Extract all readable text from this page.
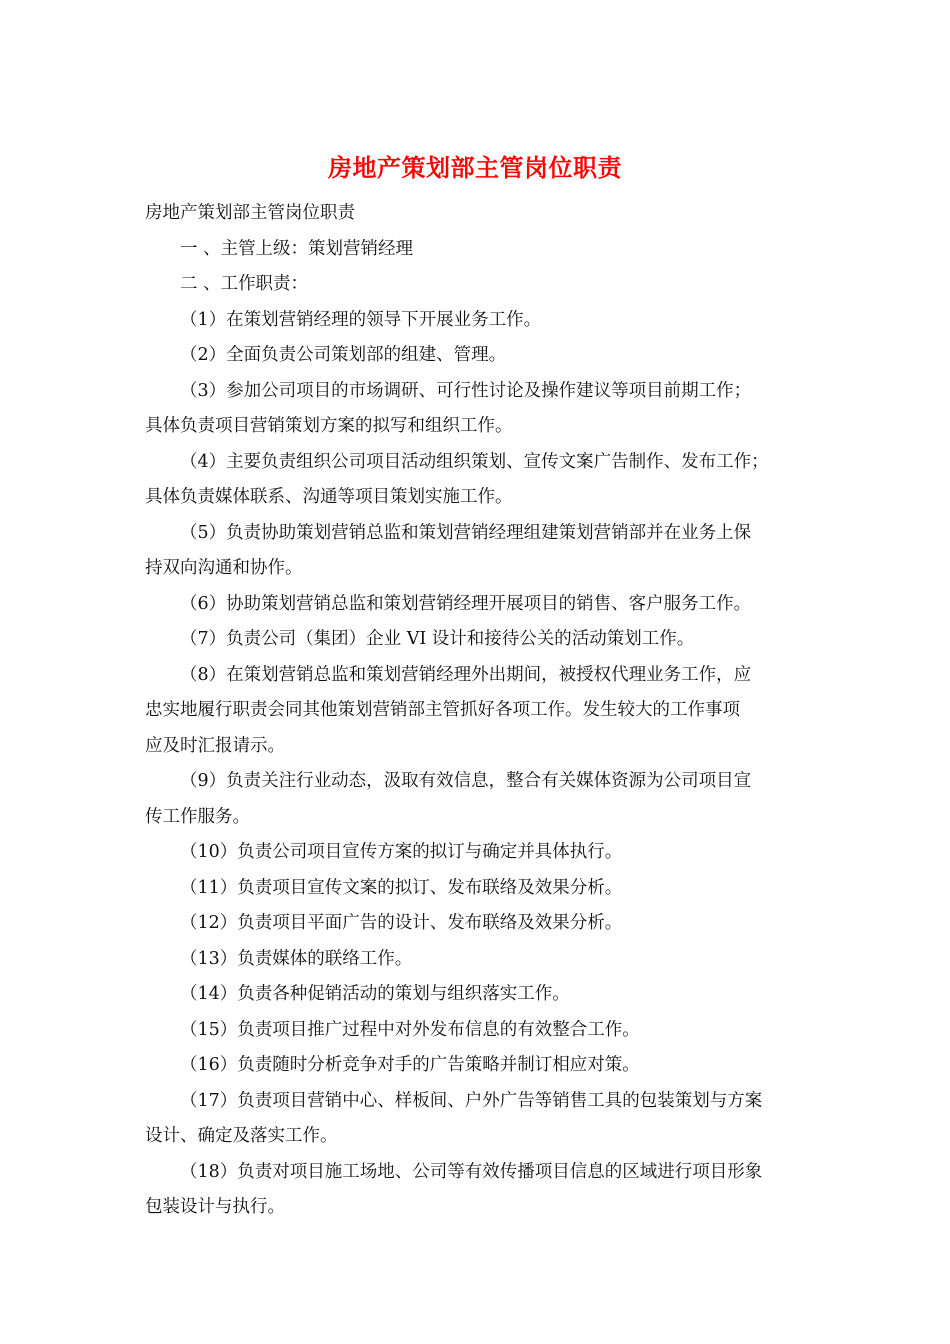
房地产策划部主管岗位职责

房地产策划部主管岗位职责

一 、主管上级：策划营销经理

二 、工作职责：

（1）在策划营销经理的领导下开展业务工作。

（2）全面负责公司策划部的组建、管理。

（3）参加公司项目的市场调研、可行性讨论及操作建议等项目前期工作；

具体负责项目营销策划方案的拟写和组织工作。

（4）主要负责组织公司项目活动组织策划、宣传文案广告制作、发布工作；

具体负责媒体联系、沟通等项目策划实施工作。

（5）负责协助策划营销总监和策划营销经理组建策划营销部并在业务上保

持双向沟通和协作。

（6）协助策划营销总监和策划营销经理开展项目的销售、客户服务工作。

（7）负责公司（集团）企业 VI 设计和接待公关的活动策划工作。

（8）在策划营销总监和策划营销经理外出期间，被授权代理业务工作，应

忠实地履行职责会同其他策划营销部主管抓好各项工作。发生较大的工作事项

应及时汇报请示。

（9）负责关注行业动态，汲取有效信息，整合有关媒体资源为公司项目宣

传工作服务。

（10）负责公司项目宣传方案的拟订与确定并具体执行。

（11）负责项目宣传文案的拟订、发布联络及效果分析。

（12）负责项目平面广告的设计、发布联络及效果分析。

（13）负责媒体的联络工作。

（14）负责各种促销活动的策划与组织落实工作。

（15）负责项目推广过程中对外发布信息的有效整合工作。

（16）负责随时分析竞争对手的广告策略并制订相应对策。

（17）负责项目营销中心、样板间、户外广告等销售工具的包装策划与方案

设计、确定及落实工作。

（18）负责对项目施工场地、公司等有效传播项目信息的区域进行项目形象

包装设计与执行。
